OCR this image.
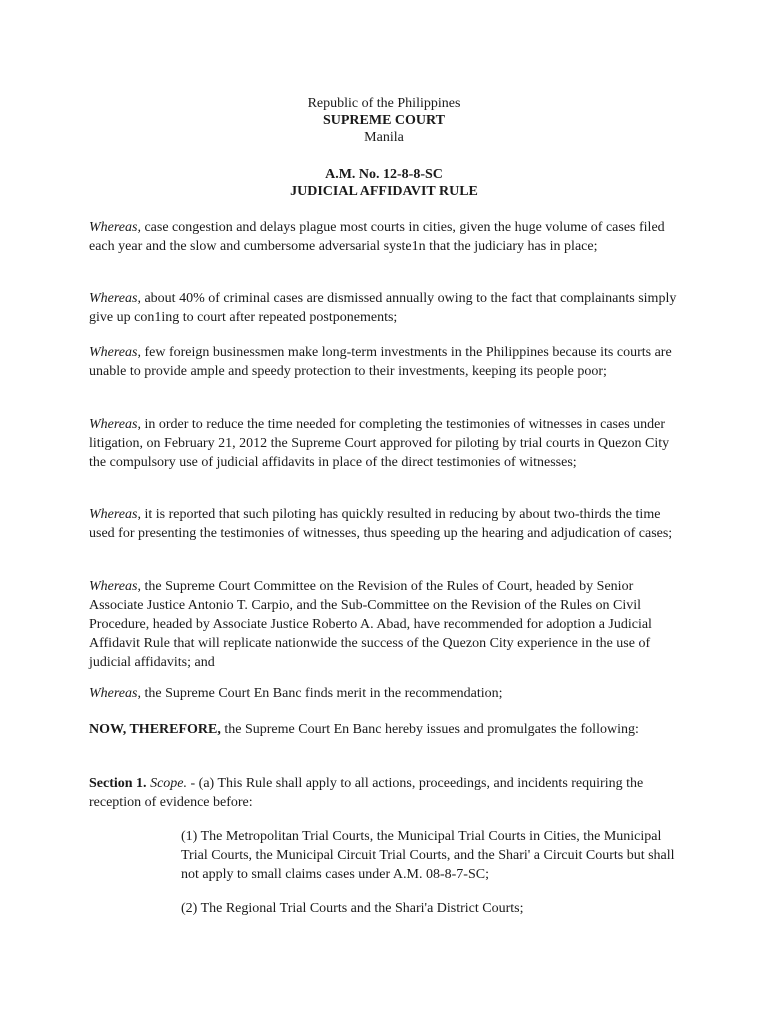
Republic of the Philippines
SUPREME COURT
Manila
A.M. No. 12-8-8-SC
JUDICIAL AFFIDAVIT RULE
Whereas, case congestion and delays plague most courts in cities, given the huge volume of cases filed each year and the slow and cumbersome adversarial syste1n that the judiciary has in place;
Whereas, about 40% of criminal cases are dismissed annually owing to the fact that complainants simply give up con1ing to court after repeated postponements;
Whereas, few foreign businessmen make long-term investments in the Philippines because its courts are unable to provide ample and speedy protection to their investments, keeping its people poor;
Whereas, in order to reduce the time needed for completing the testimonies of witnesses in cases under litigation, on February 21, 2012 the Supreme Court approved for piloting by trial courts in Quezon City the compulsory use of judicial affidavits in place of the direct testimonies of witnesses;
Whereas, it is reported that such piloting has quickly resulted in reducing by about two-thirds the time used for presenting the testimonies of witnesses, thus speeding up the hearing and adjudication of cases;
Whereas, the Supreme Court Committee on the Revision of the Rules of Court, headed by Senior Associate Justice Antonio T. Carpio, and the Sub-Committee on the Revision of the Rules on Civil Procedure, headed by Associate Justice Roberto A. Abad, have recommended for adoption a Judicial Affidavit Rule that will replicate nationwide the success of the Quezon City experience in the use of judicial affidavits; and
Whereas, the Supreme Court En Banc finds merit in the recommendation;
NOW, THEREFORE, the Supreme Court En Banc hereby issues and promulgates the following:
Section 1. Scope. - (a) This Rule shall apply to all actions, proceedings, and incidents requiring the reception of evidence before:
(1) The Metropolitan Trial Courts, the Municipal Trial Courts in Cities, the Municipal Trial Courts, the Municipal Circuit Trial Courts, and the Shari' a Circuit Courts but shall not apply to small claims cases under A.M. 08-8-7-SC;
(2) The Regional Trial Courts and the Shari'a District Courts;
